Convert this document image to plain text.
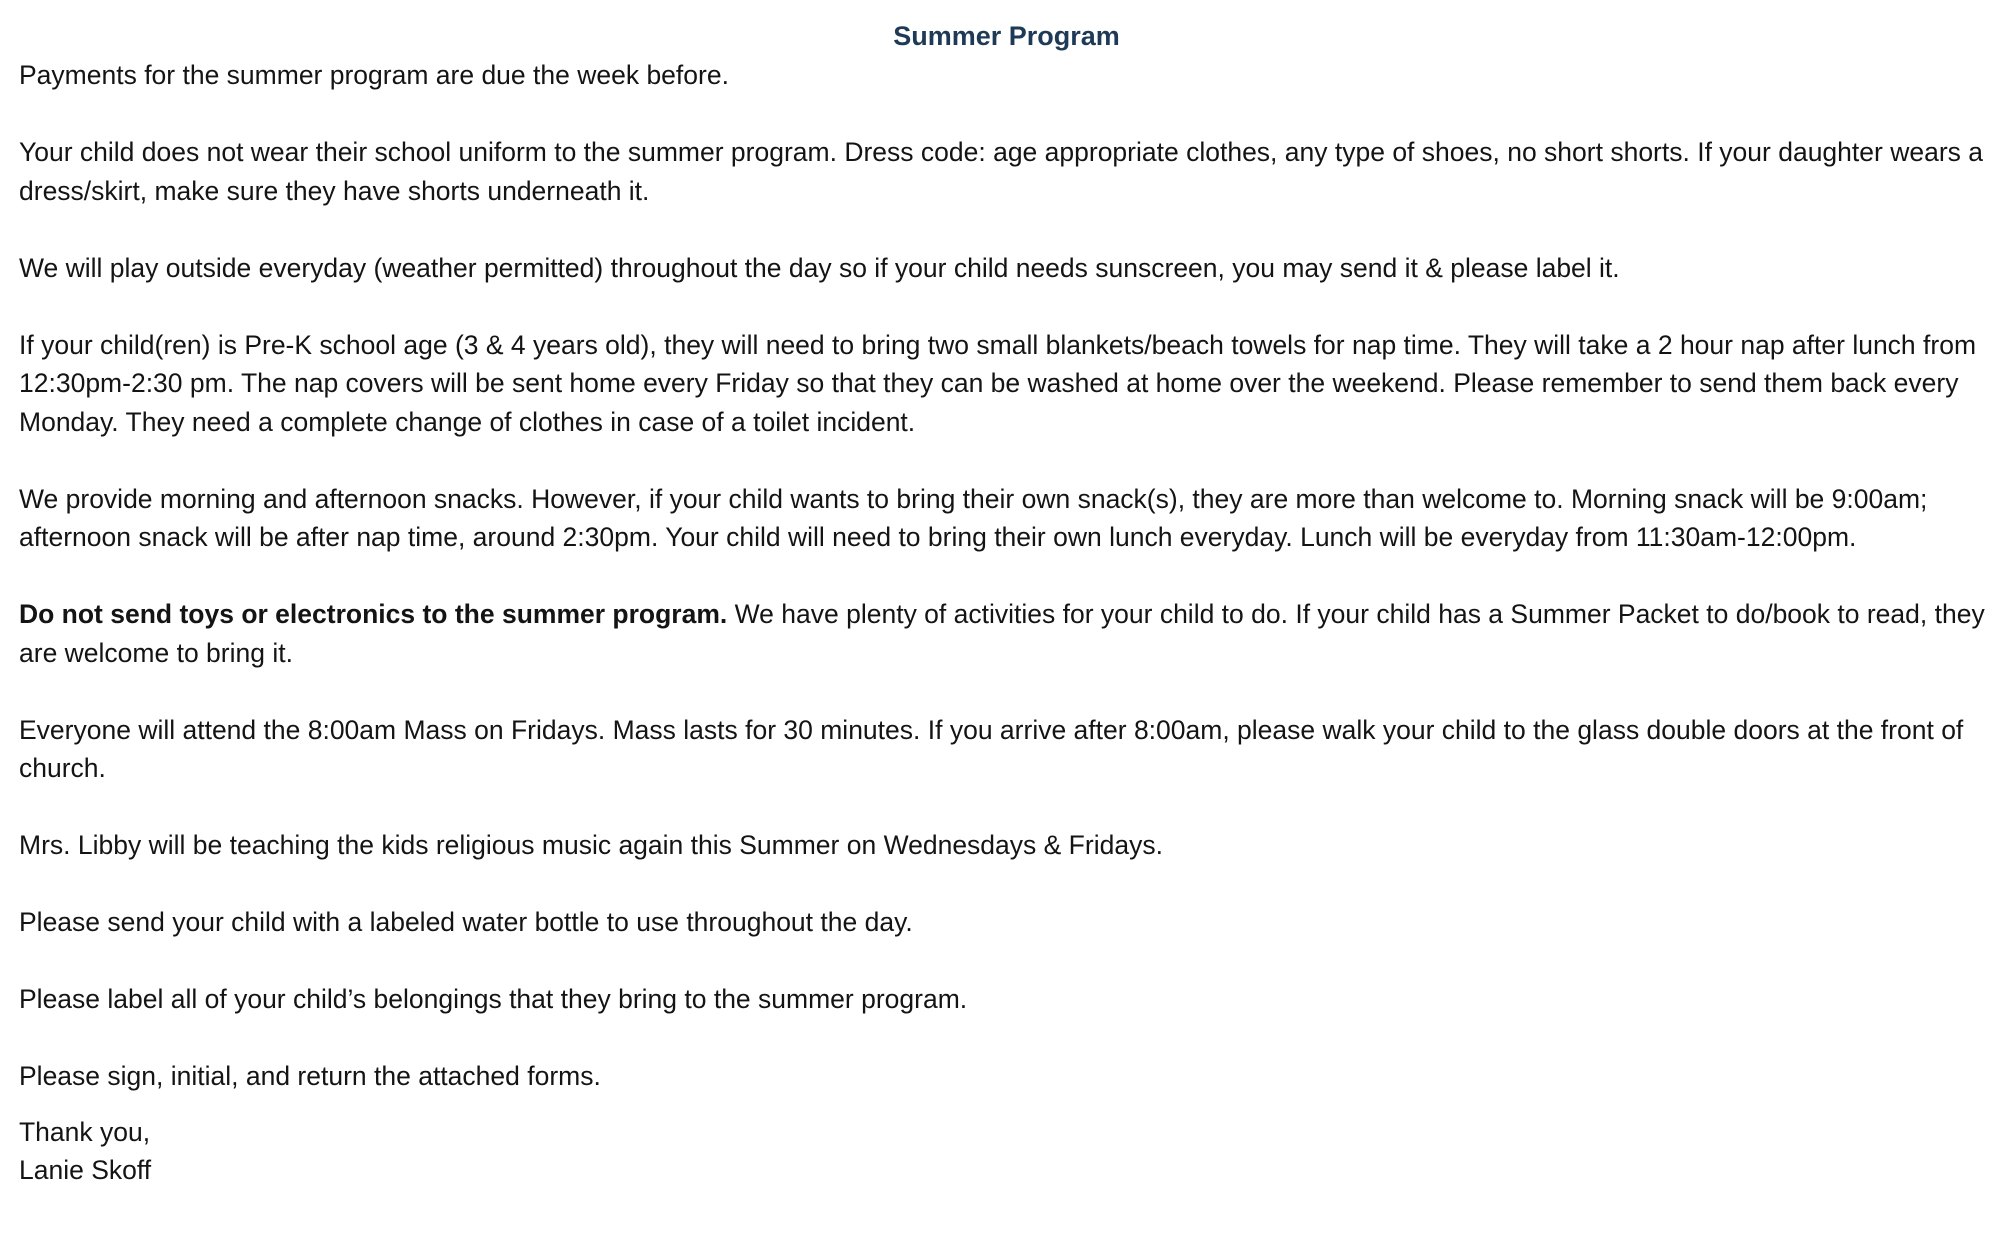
Summer Program

Payments for the summer program are due the week before.

Your child does not wear their school uniform to the summer program. Dress code: age appropriate clothes, any type of shoes, no short shorts. If your daughter wears a dress/skirt, make sure they have shorts underneath it.

We will play outside everyday (weather permitted) throughout the day so if your child needs sunscreen, you may send it & please label it.

If your child(ren) is Pre-K school age (3 & 4 years old), they will need to bring two small blankets/beach towels for nap time. They will take a 2 hour nap after lunch from 12:30pm-2:30 pm. The nap covers will be sent home every Friday so that they can be washed at home over the weekend. Please remember to send them back every Monday. They need a complete change of clothes in case of a toilet incident.

We provide morning and afternoon snacks. However, if your child wants to bring their own snack(s), they are more than welcome to. Morning snack will be 9:00am; afternoon snack will be after nap time, around 2:30pm. Your child will need to bring their own lunch everyday. Lunch will be everyday from 11:30am-12:00pm.

Do not send toys or electronics to the summer program. We have plenty of activities for your child to do. If your child has a Summer Packet to do/book to read, they are welcome to bring it.

Everyone will attend the 8:00am Mass on Fridays. Mass lasts for 30 minutes. If you arrive after 8:00am, please walk your child to the glass double doors at the front of church.

Mrs. Libby will be teaching the kids religious music again this Summer on Wednesdays & Fridays.

Please send your child with a labeled water bottle to use throughout the day.

Please label all of your child’s belongings that they bring to the summer program.

Please sign, initial, and return the attached forms.

Thank you,

Lanie Skoff
